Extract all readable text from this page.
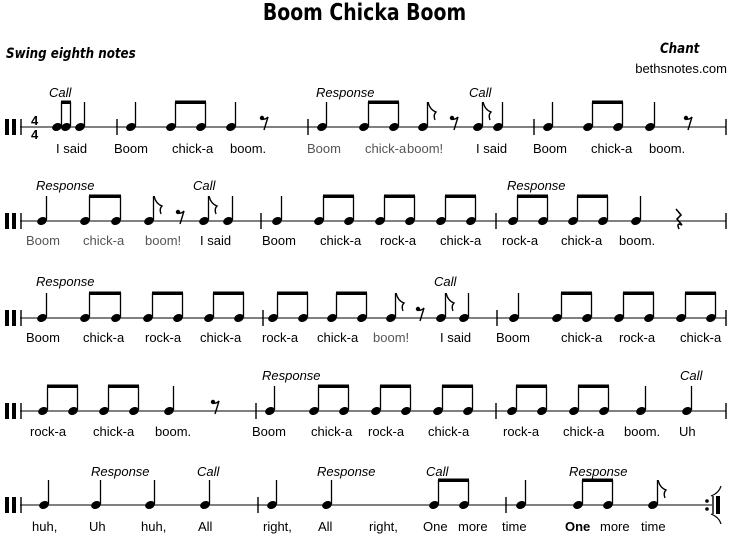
Boom Chicka Boom
Swing eighth notes	Chant
bethsnotes.com
4
4
Call	Response	Call
I said Boom chick-a boom.	Boom chick-a boom!	I said Boom chick-a boom.
Response	Call	Response
Boom chick-a boom! I said Boom chick-a rock-a chick-a rock-a chick-a boom.
Response	Call
Boom chick-a rock-a chick-a rock-a chick-a boom! I said Boom chick-a rock-a chick-a
Response	Call
rock-a chick-a boom.	Boom chick-a rock-a chick-a	rock-a chick-a boom. Uh
Response	Call	Response	Call	Response
huh, Uh	huh, All	right, All	right, One more time	One more time
